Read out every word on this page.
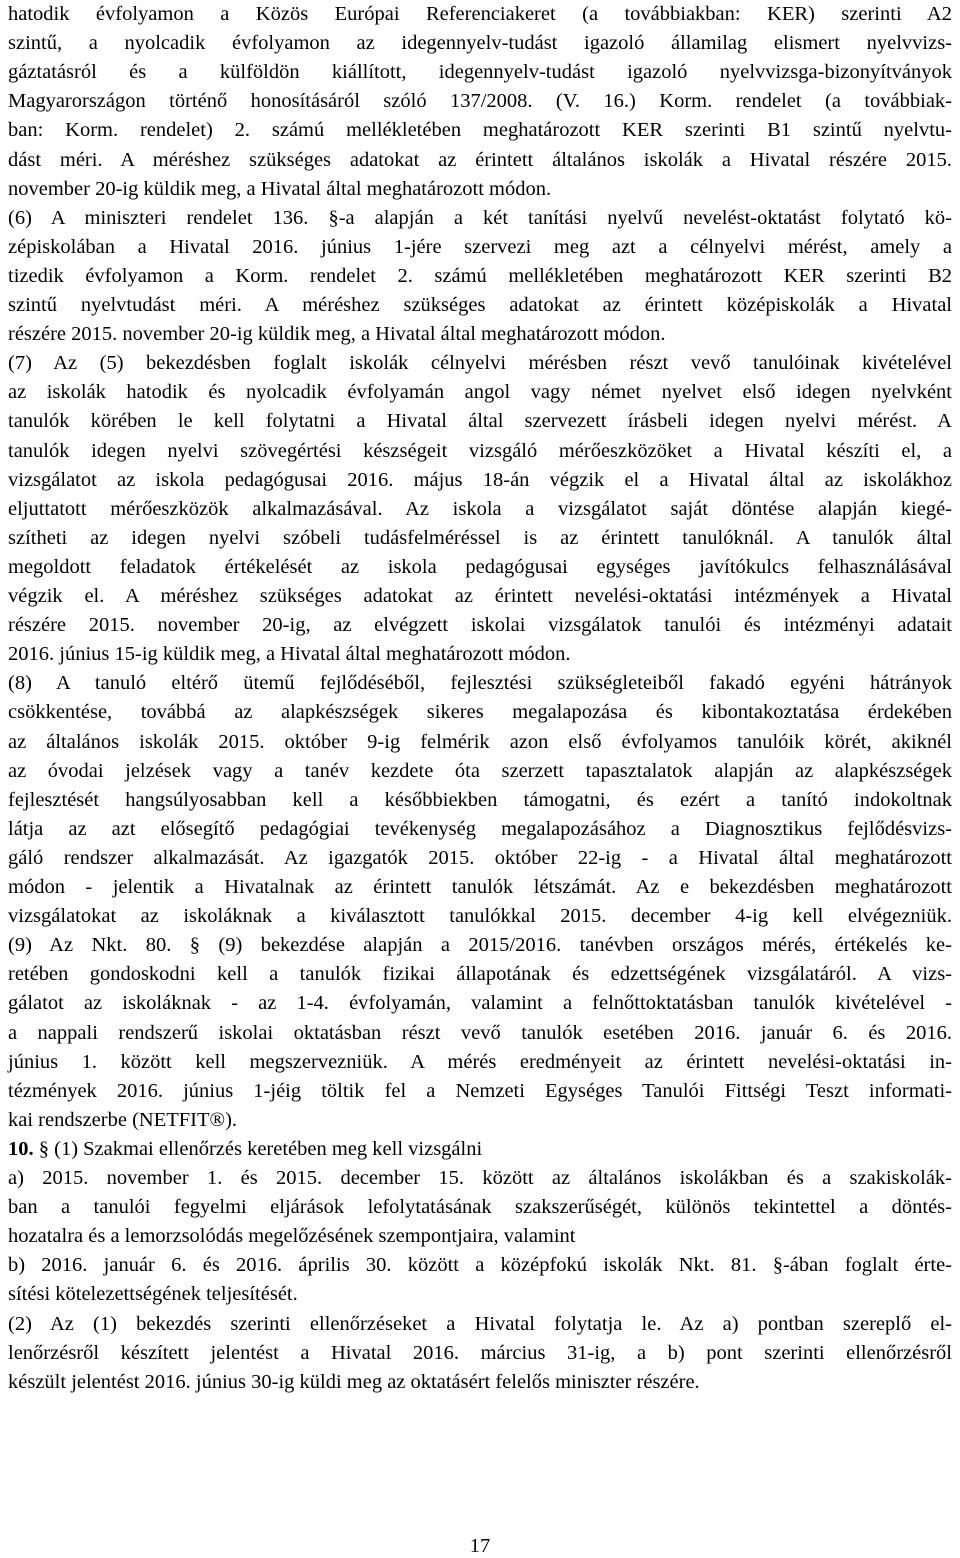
hatodik évfolyamon a Közös Európai Referenciakeret (a továbbiakban: KER) szerinti A2
szintű, a nyolcadik évfolyamon az idegennyelv-tudást igazoló államilag elismert nyelvvizs-
gáztatásról és a külföldön kiállított, idegennyelv-tudást igazoló nyelvvizsga-bizonyítványok
Magyarországon történő honosításáról szóló 137/2008. (V. 16.) Korm. rendelet (a továbbiak-
ban: Korm. rendelet) 2. számú mellékletében meghatározott KER szerinti B1 szintű nyelvtu-
dást méri. A méréshez szükséges adatokat az érintett általános iskolák a Hivatal részére 2015.
november 20-ig küldik meg, a Hivatal által meghatározott módon.
(6) A miniszteri rendelet 136. §-a alapján a két tanítási nyelvű nevelést-oktatást folytató kö-
zépiskolában a Hivatal 2016. június 1-jére szervezi meg azt a célnyelvi mérést, amely a
tizedik évfolyamon a Korm. rendelet 2. számú mellékletében meghatározott KER szerinti B2
szintű nyelvtudást méri. A méréshez szükséges adatokat az érintett középiskolák a Hivatal
részére 2015. november 20-ig küldik meg, a Hivatal által meghatározott módon.
(7) Az (5) bekezdésben foglalt iskolák célnyelvi mérésben részt vevő tanulóinak kivételével
az iskolák hatodik és nyolcadik évfolyamán angol vagy német nyelvet első idegen nyelvként
tanulók körében le kell folytatni a Hivatal által szervezett írásbeli idegen nyelvi mérést. A
tanulók idegen nyelvi szövegértési készségeit vizsgáló mérőeszközöket a Hivatal készíti el, a
vizsgálatot az iskola pedagógusai 2016. május 18-án végzik el a Hivatal által az iskolákhoz
eljuttatott mérőeszközök alkalmazásával. Az iskola a vizsgálatot saját döntése alapján kiegé-
szítheti az idegen nyelvi szóbeli tudásfelméréssel is az érintett tanulóknál. A tanulók által
megoldott feladatok értékelését az iskola pedagógusai egységes javítókulcs felhasználásával
végzik el. A méréshez szükséges adatokat az érintett nevelési-oktatási intézmények a Hivatal
részére 2015. november 20-ig, az elvégzett iskolai vizsgálatok tanulói és intézményi adatait
2016. június 15-ig küldik meg, a Hivatal által meghatározott módon.
(8) A tanuló eltérő ütemű fejlődéséből, fejlesztési szükségleteiből fakadó egyéni hátrányok
csökkentése, továbbá az alapkészségek sikeres megalapozása és kibontakoztatása érdekében
az általános iskolák 2015. október 9-ig felmérik azon első évfolyamos tanulóik körét, akiknél
az óvodai jelzések vagy a tanév kezdete óta szerzett tapasztalatok alapján az alapkészségek
fejlesztését hangsúlyosabban kell a későbbiekben támogatni, és ezért a tanító indokoltnak
látja az azt elősegítő pedagógiai tevékenység megalapozásához a Diagnosztikus fejlődésvizs-
gáló rendszer alkalmazását. Az igazgatók 2015. október 22-ig - a Hivatal által meghatározott
módon - jelentik a Hivatalnak az érintett tanulók létszámát. Az e bekezdésben meghatározott
vizsgálatokat az iskoláknak a kiválasztott tanulókkal 2015. december 4-ig kell elvégezniük.
(9) Az Nkt. 80. § (9) bekezdése alapján a 2015/2016. tanévben országos mérés, értékelés ke-
retében gondoskodni kell a tanulók fizikai állapotának és edzettségének vizsgálatáról. A vizs-
gálatot az iskoláknak - az 1-4. évfolyamán, valamint a felnőttoktatásban tanulók kivételével -
a nappali rendszerű iskolai oktatásban részt vevő tanulók esetében 2016. január 6. és 2016.
június 1. között kell megszervezniük. A mérés eredményeit az érintett nevelési-oktatási in-
tézmények 2016. június 1-jéig töltik fel a Nemzeti Egységes Tanulói Fittségi Teszt informati-
kai rendszerbe (NETFIT®).
10. § (1) Szakmai ellenőrzés keretében meg kell vizsgálni
a) 2015. november 1. és 2015. december 15. között az általános iskolákban és a szakiskolák-
ban a tanulói fegyelmi eljárások lefolytatásának szakszerűségét, különös tekintettel a döntés-
hozatalra és a lemorzsolódás megelőzésének szempontjaira, valamint
b) 2016. január 6. és 2016. április 30. között a középfokú iskolák Nkt. 81. §-ában foglalt érte-
sítési kötelezettségének teljesítését.
(2) Az (1) bekezdés szerinti ellenőrzéseket a Hivatal folytatja le. Az a) pontban szereplő el-
lenőrzésről készített jelentést a Hivatal 2016. március 31-ig, a b) pont szerinti ellenőrzésről
készült jelentést 2016. június 30-ig küldi meg az oktatásért felelős miniszter részére.
17
